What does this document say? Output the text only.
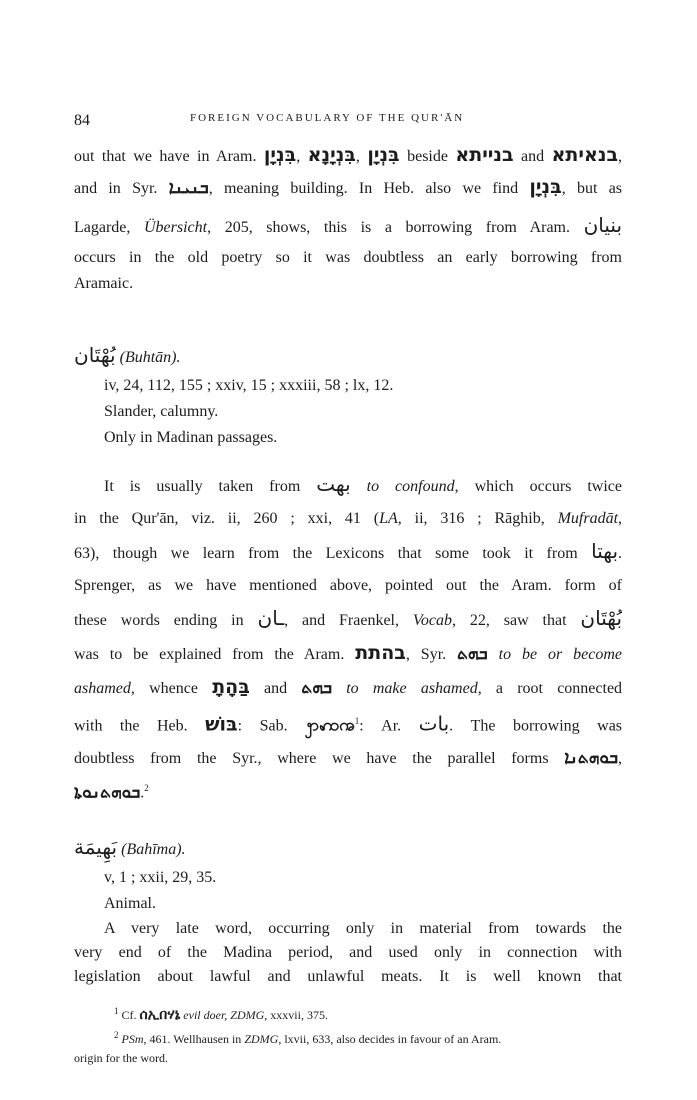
84	FOREIGN VOCABULARY OF THE QUR'ĀN
out that we have in Aram. בִּנְיָן, בִּנְיָנָא, בִּנְיָן beside בנייתא and בנאיתא,
and in Syr. ܒܢܝܢܐ, meaning building. In Heb. also we find בִּנְיָן, but as
Lagarde, Übersicht, 205, shows, this is a borrowing from Aram. بنيان
occurs in the old poetry so it was doubtless an early borrowing from
Aramaic.
بُهْتَان (Buhtān).
iv, 24, 112, 155 ; xxiv, 15 ; xxxiii, 58 ; lx, 12.
Slander, calumny.
Only in Madinan passages.
It is usually taken from بهت to confound, which occurs twice
in the Qur'ān, viz. ii, 260 ; xxi, 41 (LA, ii, 316 ; Rāghib, Mufradāt,
63), though we learn from the Lexicons that some took it from بهتا.
Sprenger, as we have mentioned above, pointed out the Aram. form of
these words ending in ـان, and Fraenkel, Vocab, 22, saw that بُهْتَان
was to be explained from the Aram. בהתת, Syr. ܒܗܬ to be or become
ashamed, whence בַּהָתָ and ܒܗܬ to make ashamed, a root connected
with the Heb. בּוֹשׁ: Sab. ꩭꩲꩠ$^1$: Ar. بات. The borrowing was
doubtless from the Syr., where we have the parallel forms ܒܘܗܬܢܐ,
ܒܘܗܬܢܘܬܐ.$^2$
بَهِيمَة (Bahīma).
v, 1 ; xxii, 29, 35.
Animal.
A very late word, occurring only in material from towards the
very end of the Madina period, and used only in connection with
legislation about lawful and unlawful meats. It is well known that
$^1$ Cf. ሰኢበሃኔ evil doer, ZDMG, xxxvii, 375.
$^2$ PSm, 461. Wellhausen in ZDMG, lxvii, 633, also decides in favour of an Aram.
origin for the word.
